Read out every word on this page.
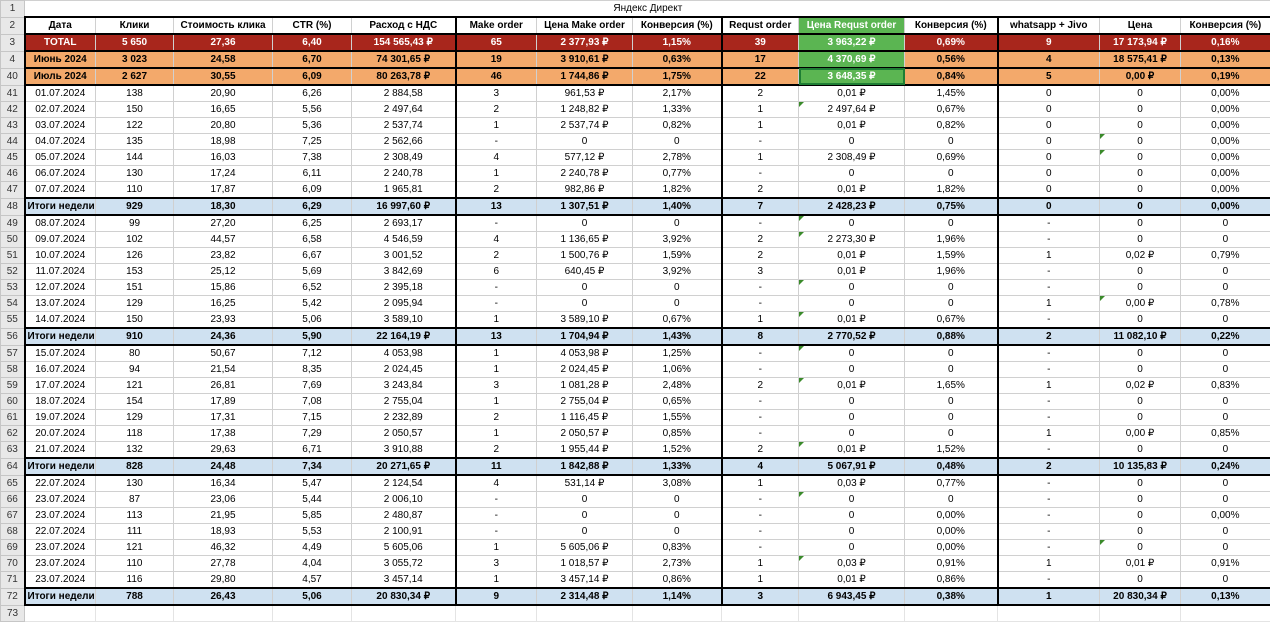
1	Яндекс Директ													
2	Дата	Клики	Стоимость клика	CTR (%)	Расход с НДС	Make order	Цена Make order	Конверсия (%)	Requst order	Цена Requst order	Конверсия (%)	whatsapp + Jivo	Цена	Конверсия (%)
3	TOTAL	5 650	27,36	6,40	154 565,43 ₽	65	2 377,93 ₽	1,15%	39	3 963,22 ₽	0,69%	9	17 173,94 ₽	0,16%
4	Июнь 2024	3 023	24,58	6,70	74 301,65 ₽	19	3 910,61 ₽	0,63%	17	4 370,69 ₽	0,56%	4	18 575,41 ₽	0,13%
40	Июль 2024	2 627	30,55	6,09	80 263,78 ₽	46	1 744,86 ₽	1,75%	22	3 648,35 ₽	0,84%	5	0,00 ₽	0,19%
41	01.07.2024	138	20,90	6,26	2 884,58	3	961,53 ₽	2,17%	2	0,01 ₽	1,45%	0	0	0,00%
42	02.07.2024	150	16,65	5,56	2 497,64	2	1 248,82 ₽	1,33%	1	2 497,64 ₽	0,67%	0	0	0,00%
43	03.07.2024	122	20,80	5,36	2 537,74	1	2 537,74 ₽	0,82%	1	0,01 ₽	0,82%	0	0	0,00%
44	04.07.2024	135	18,98	7,25	2 562,66	-	0	0	-	0	0	0	0	0,00%
45	05.07.2024	144	16,03	7,38	2 308,49	4	577,12 ₽	2,78%	1	2 308,49 ₽	0,69%	0	0	0,00%
46	06.07.2024	130	17,24	6,11	2 240,78	1	2 240,78 ₽	0,77%	-	0	0	0	0	0,00%
47	07.07.2024	110	17,87	6,09	1 965,81	2	982,86 ₽	1,82%	2	0,01 ₽	1,82%	0	0	0,00%
48	Итоги недели	929	18,30	6,29	16 997,60 ₽	13	1 307,51 ₽	1,40%	7	2 428,23 ₽	0,75%	0	0	0,00%
49	08.07.2024	99	27,20	6,25	2 693,17	-	0	0	-	0	0	-	0	0
50	09.07.2024	102	44,57	6,58	4 546,59	4	1 136,65 ₽	3,92%	2	2 273,30 ₽	1,96%	-	0	0
51	10.07.2024	126	23,82	6,67	3 001,52	2	1 500,76 ₽	1,59%	2	0,01 ₽	1,59%	1	0,02 ₽	0,79%
52	11.07.2024	153	25,12	5,69	3 842,69	6	640,45 ₽	3,92%	3	0,01 ₽	1,96%	-	0	0
53	12.07.2024	151	15,86	6,52	2 395,18	-	0	0	-	0	0	-	0	0
54	13.07.2024	129	16,25	5,42	2 095,94	-	0	0	-	0	0	1	0,00 ₽	0,78%
55	14.07.2024	150	23,93	5,06	3 589,10	1	3 589,10 ₽	0,67%	1	0,01 ₽	0,67%	-	0	0
56	Итоги недели	910	24,36	5,90	22 164,19 ₽	13	1 704,94 ₽	1,43%	8	2 770,52 ₽	0,88%	2	11 082,10 ₽	0,22%
57	15.07.2024	80	50,67	7,12	4 053,98	1	4 053,98 ₽	1,25%	-	0	0	-	0	0
58	16.07.2024	94	21,54	8,35	2 024,45	1	2 024,45 ₽	1,06%	-	0	0	-	0	0
59	17.07.2024	121	26,81	7,69	3 243,84	3	1 081,28 ₽	2,48%	2	0,01 ₽	1,65%	1	0,02 ₽	0,83%
60	18.07.2024	154	17,89	7,08	2 755,04	1	2 755,04 ₽	0,65%	-	0	0	-	0	0
61	19.07.2024	129	17,31	7,15	2 232,89	2	1 116,45 ₽	1,55%	-	0	0	-	0	0
62	20.07.2024	118	17,38	7,29	2 050,57	1	2 050,57 ₽	0,85%	-	0	0	1	0,00 ₽	0,85%
63	21.07.2024	132	29,63	6,71	3 910,88	2	1 955,44 ₽	1,52%	2	0,01 ₽	1,52%	-	0	0
64	Итоги недели	828	24,48	7,34	20 271,65 ₽	11	1 842,88 ₽	1,33%	4	5 067,91 ₽	0,48%	2	10 135,83 ₽	0,24%
65	22.07.2024	130	16,34	5,47	2 124,54	4	531,14 ₽	3,08%	1	0,03 ₽	0,77%	-	0	0
66	23.07.2024	87	23,06	5,44	2 006,10	-	0	0	-	0	0	-	0	0
67	23.07.2024	113	21,95	5,85	2 480,87	-	0	0	-	0	0,00%	-	0	0,00%
68	22.07.2024	111	18,93	5,53	2 100,91	-	0	0	-	0	0,00%	-	0	0
69	23.07.2024	121	46,32	4,49	5 605,06	1	5 605,06 ₽	0,83%	-	0	0,00%	-	0	0
70	23.07.2024	110	27,78	4,04	3 055,72	3	1 018,57 ₽	2,73%	1	0,03 ₽	0,91%	1	0,01 ₽	0,91%
71	23.07.2024	116	29,80	4,57	3 457,14	1	3 457,14 ₽	0,86%	1	0,01 ₽	0,86%	-	0	0
72	Итоги недели	788	26,43	5,06	20 830,34 ₽	9	2 314,48 ₽	1,14%	3	6 943,45 ₽	0,38%	1	20 830,34 ₽	0,13%
73														
